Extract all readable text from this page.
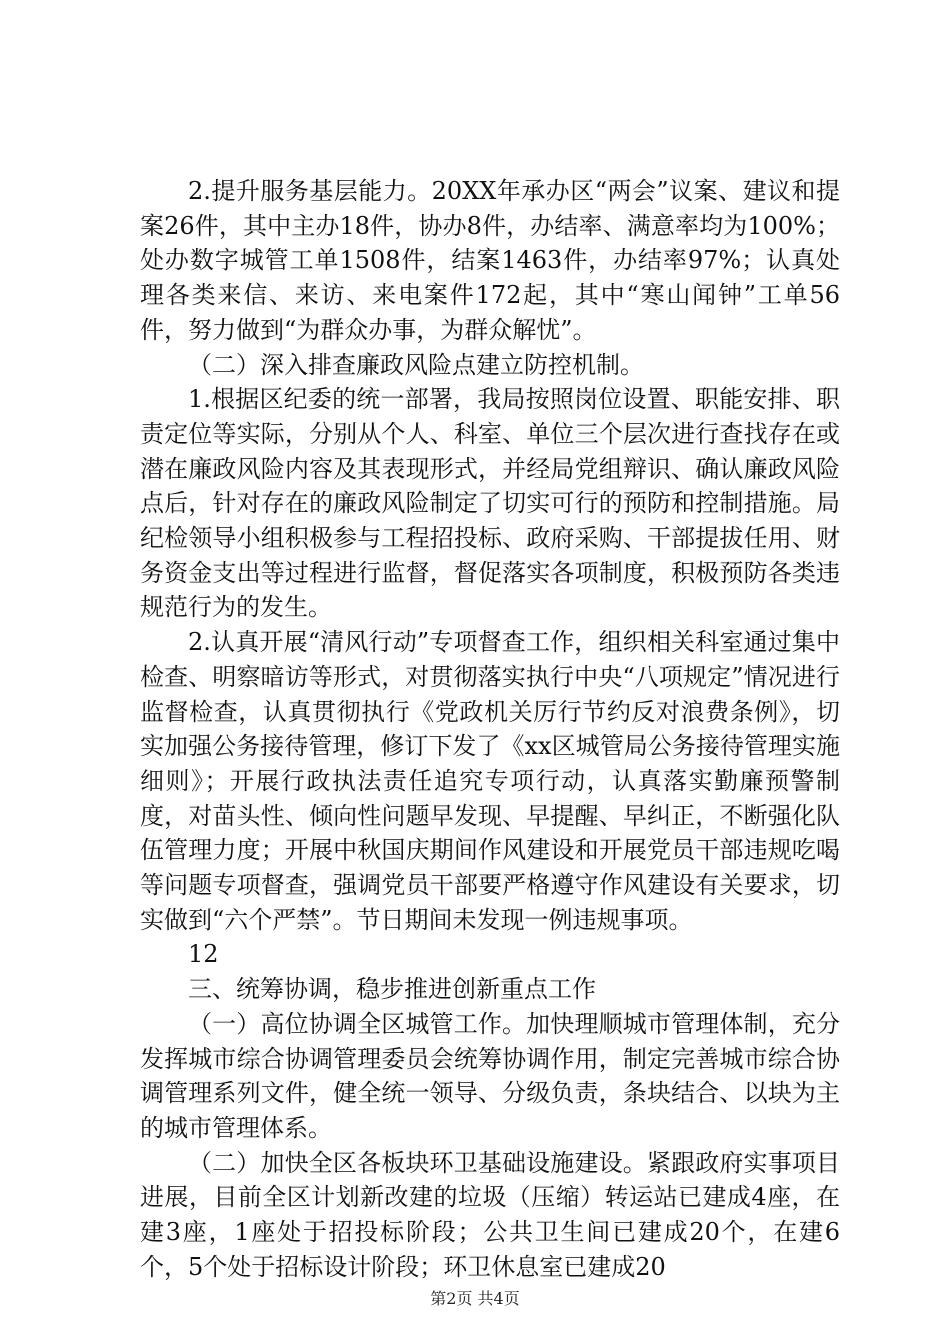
2.提升服务基层能力。20XX年承办区“两会”议案、建议和提案26件，其中主办18件，协办8件，办结率、满意率均为100%；处办数字城管工单1508件，结案1463件，办结率97%；认真处理各类来信、来访、来电案件172起，其中“寒山闻钟”工单56件，努力做到“为群众办事，为群众解忧”。

（二）深入排查廉政风险点建立防控机制。

1.根据区纪委的统一部署，我局按照岗位设置、职能安排、职责定位等实际，分别从个人、科室、单位三个层次进行查找存在或潜在廉政风险内容及其表现形式，并经局党组辩识、确认廉政风险点后，针对存在的廉政风险制定了切实可行的预防和控制措施。局纪检领导小组积极参与工程招投标、政府采购、干部提拔任用、财务资金支出等过程进行监督，督促落实各项制度，积极预防各类违规范行为的发生。

2.认真开展“清风行动”专项督查工作，组织相关科室通过集中检查、明察暗访等形式，对贯彻落实执行中央“八项规定”情况进行监督检查，认真贯彻执行《党政机关厉行节约反对浪费条例》，切实加强公务接待管理，修订下发了《xx区城管局公务接待管理实施细则》；开展行政执法责任追究专项行动，认真落实勤廉预警制度，对苗头性、倾向性问题早发现、早提醒、早纠正，不断强化队伍管理力度；开展中秋国庆期间作风建设和开展党员干部违规吃喝等问题专项督查，强调党员干部要严格遵守作风建设有关要求，切实做到“六个严禁”。节日期间未发现一例违规事项。

12

三、统筹协调，稳步推进创新重点工作

（一）高位协调全区城管工作。加快理顺城市管理体制，充分发挥城市综合协调管理委员会统筹协调作用，制定完善城市综合协调管理系列文件，健全统一领导、分级负责，条块结合、以块为主的城市管理体系。

（二）加快全区各板块环卫基础设施建设。紧跟政府实事项目进展，目前全区计划新改建的垃圾（压缩）转运站已建成4座，在建3座，1座处于招投标阶段；公共卫生间已建成20个，在建6个，5个处于招标设计阶段；环卫休息室已建成20

第2页 共4页
